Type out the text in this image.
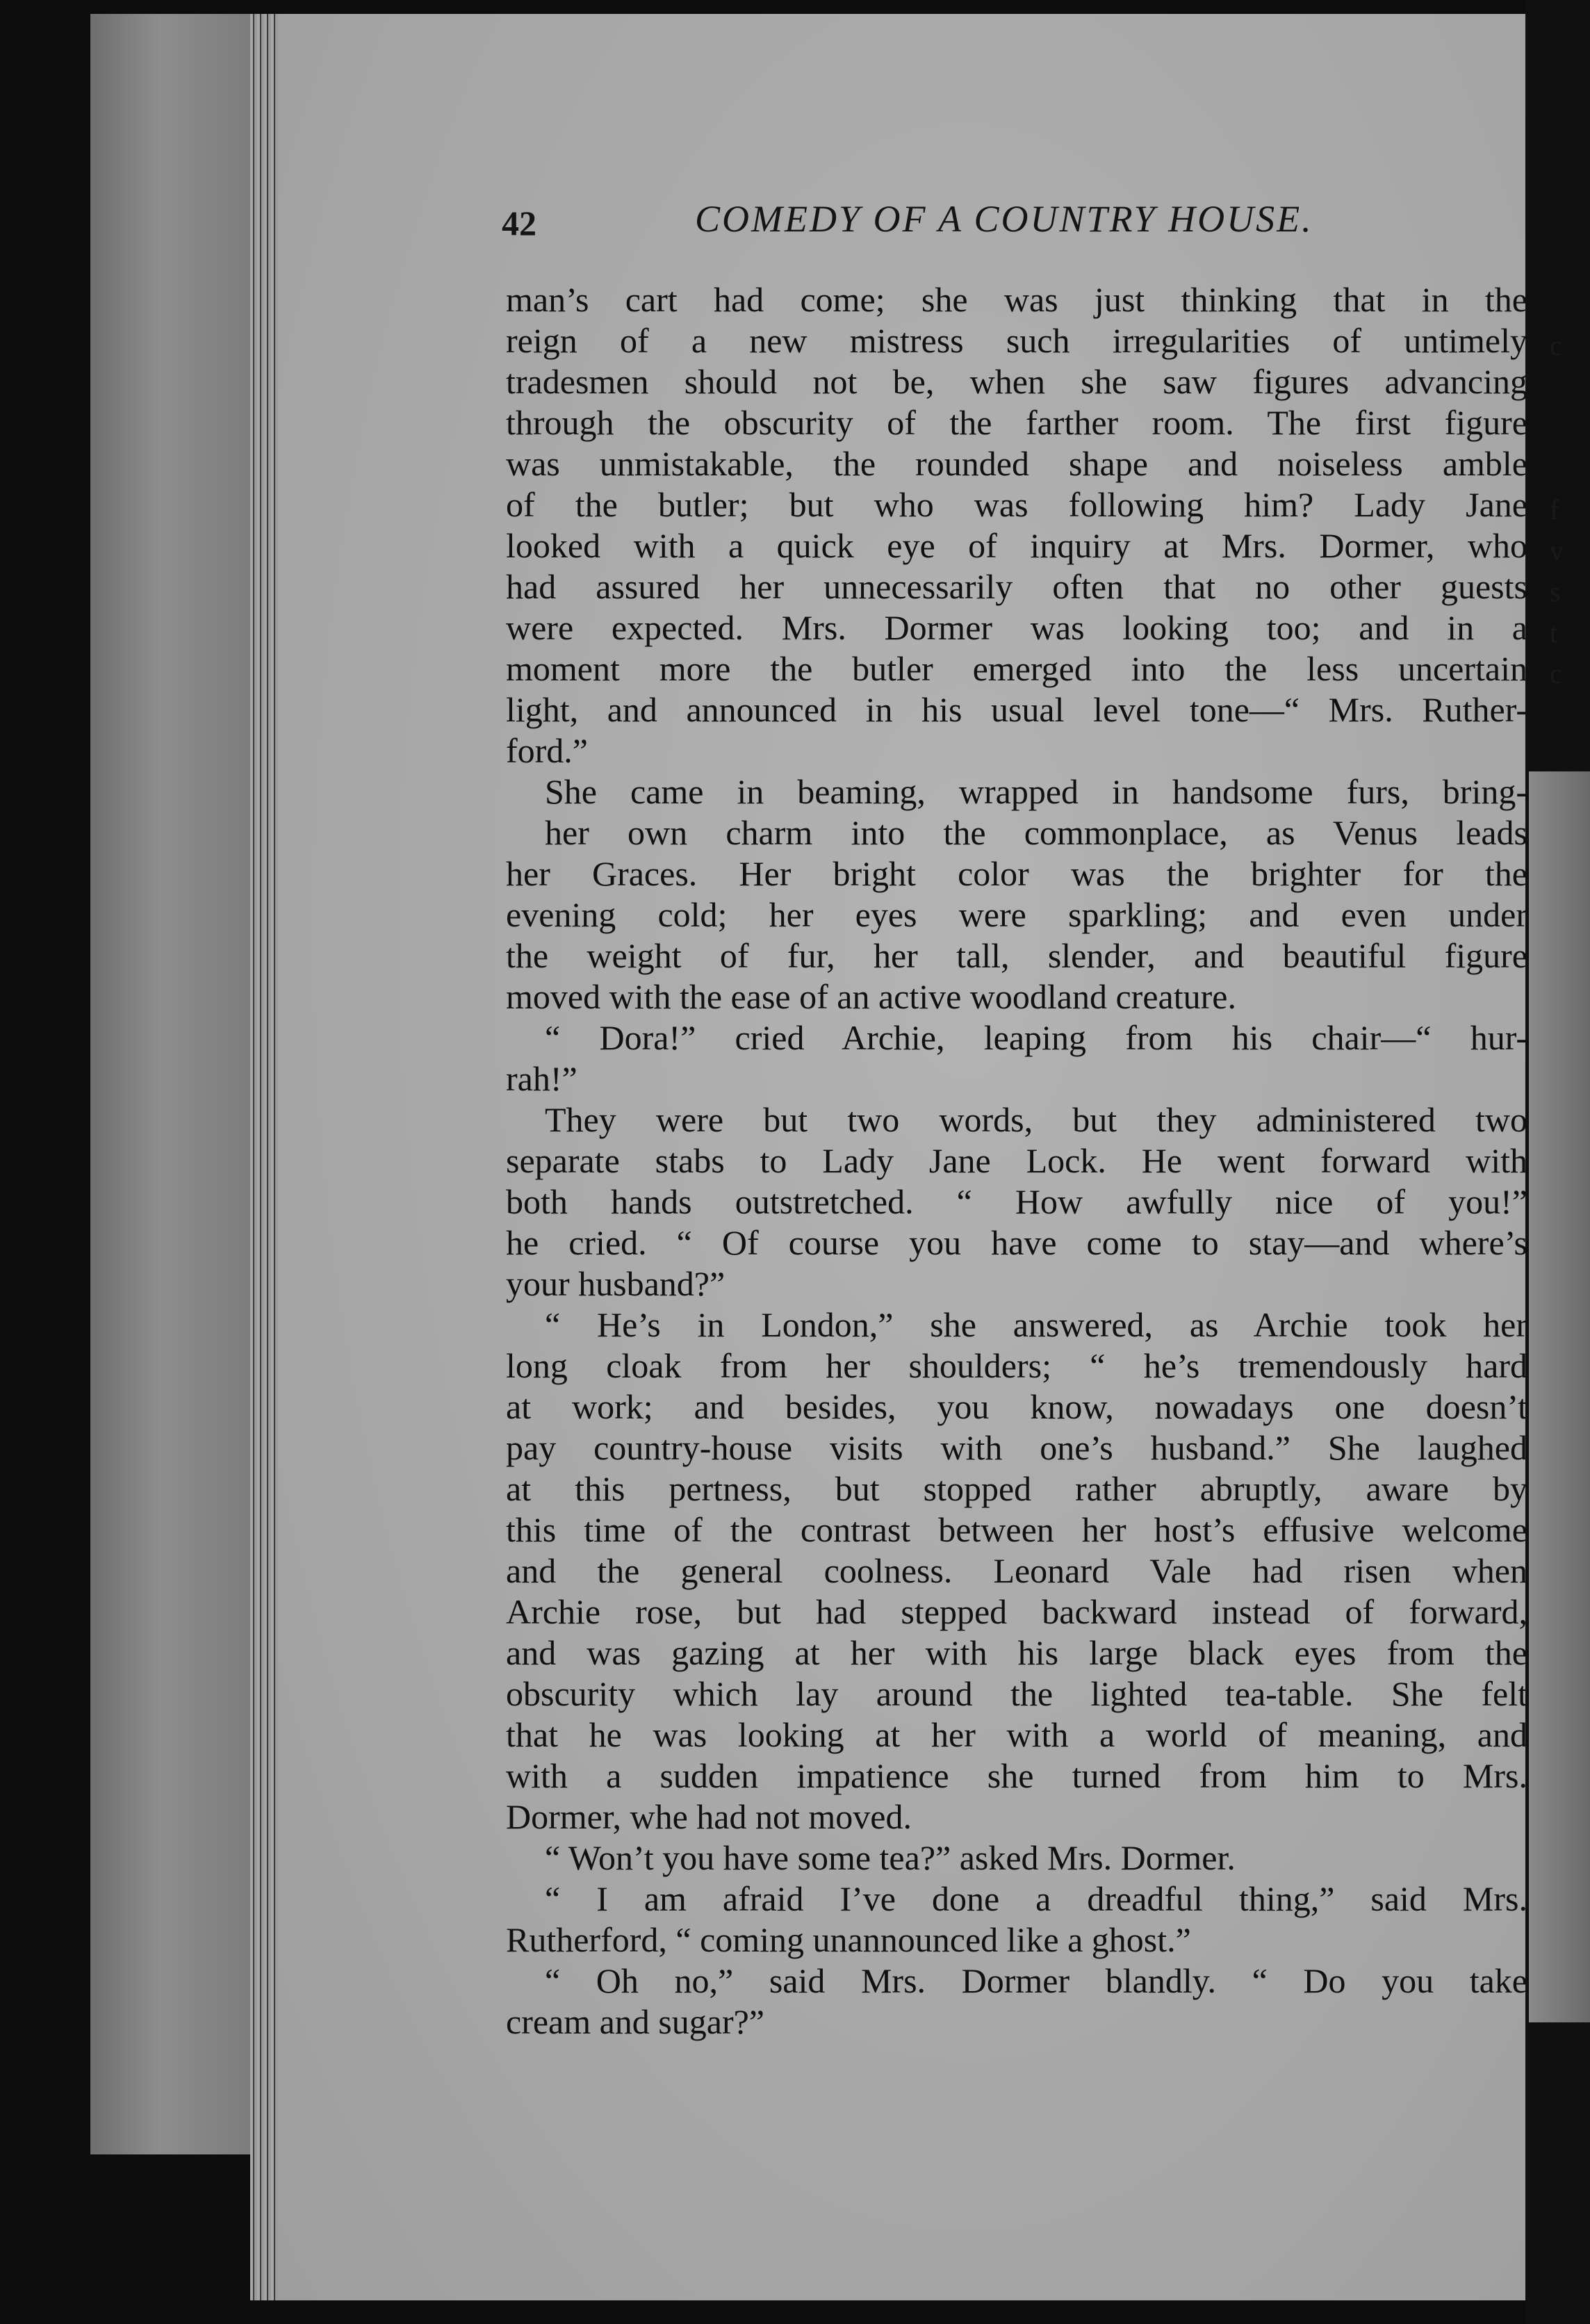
c
f
v
s
t
c
42	COMEDY OF A COUNTRY HOUSE.
man’s cart had come; she was just thinking that in the
reign of a new mistress such irregularities of untimely
tradesmen should not be, when she saw figures advancing
through the obscurity of the farther room. The first figure
was unmistakable, the rounded shape and noiseless amble
of the butler; but who was following him? Lady Jane
looked with a quick eye of inquiry at Mrs. Dormer, who
had assured her unnecessarily often that no other guests
were expected. Mrs. Dormer was looking too; and in a
moment more the butler emerged into the less uncertain
light, and announced in his usual level tone—“ Mrs. Ruther-
ford.”
She came in beaming, wrapped in handsome furs, bring-
her own charm into the commonplace, as Venus leads
her Graces. Her bright color was the brighter for the
evening cold; her eyes were sparkling; and even under
the weight of fur, her tall, slender, and beautiful figure
moved with the ease of an active woodland creature.
“ Dora!” cried Archie, leaping from his chair—“ hur-
rah!”
They were but two words, but they administered two
separate stabs to Lady Jane Lock. He went forward with
both hands outstretched. “ How awfully nice of you!”
he cried. “ Of course you have come to stay—and where’s
your husband?”
“ He’s in London,” she answered, as Archie took her
long cloak from her shoulders; “ he’s tremendously hard
at work; and besides, you know, nowadays one doesn’t
pay country-house visits with one’s husband.” She laughed
at this pertness, but stopped rather abruptly, aware by
this time of the contrast between her host’s effusive welcome
and the general coolness. Leonard Vale had risen when
Archie rose, but had stepped backward instead of forward,
and was gazing at her with his large black eyes from the
obscurity which lay around the lighted tea-table. She felt
that he was looking at her with a world of meaning, and
with a sudden impatience she turned from him to Mrs.
Dormer, whe had not moved.
“ Won’t you have some tea?” asked Mrs. Dormer.
“ I am afraid I’ve done a dreadful thing,” said Mrs.
Rutherford, “ coming unannounced like a ghost.”
“ Oh no,” said Mrs. Dormer blandly. “ Do you take
cream and sugar?”
